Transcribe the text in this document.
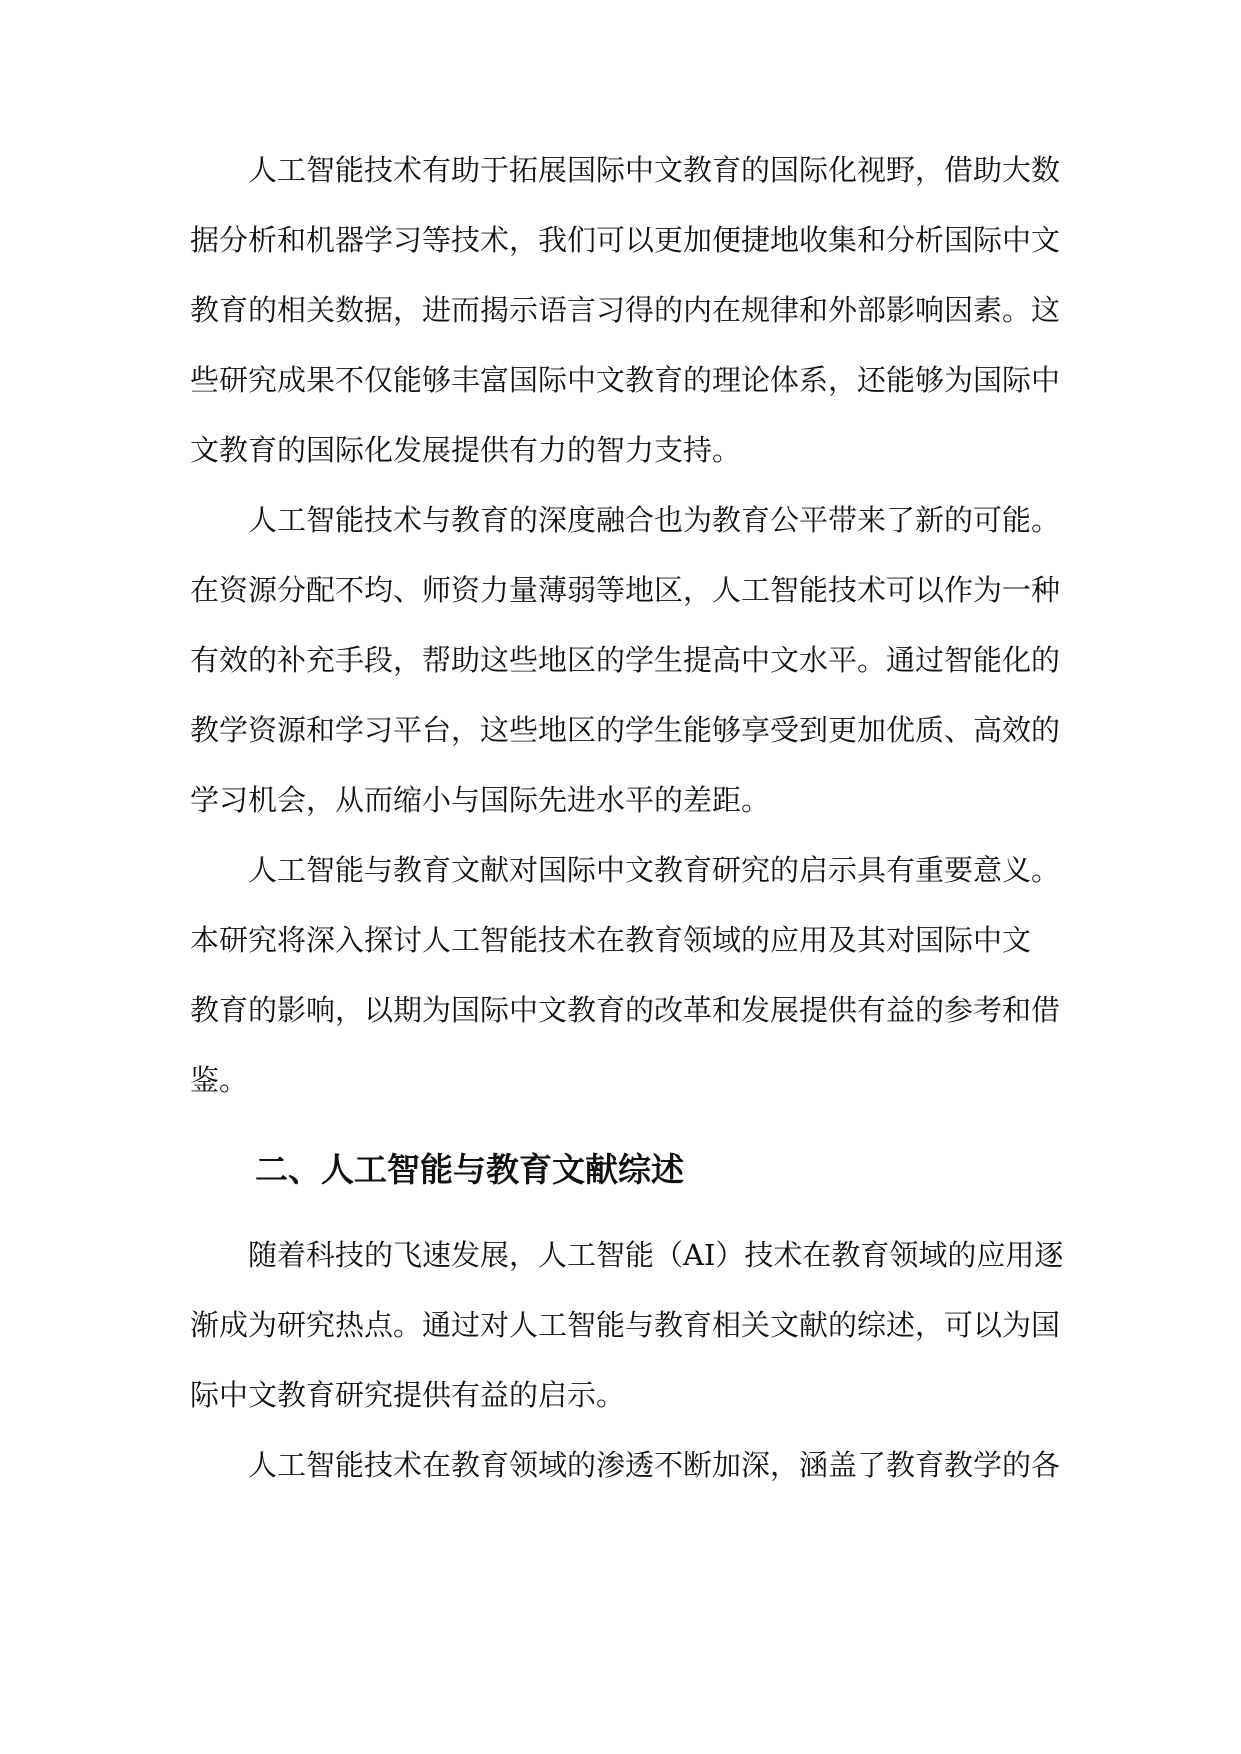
人工智能技术有助于拓展国际中文教育的国际化视野，借助大数

据分析和机器学习等技术，我们可以更加便捷地收集和分析国际中文

教育的相关数据，进而揭示语言习得的内在规律和外部影响因素。这

些研究成果不仅能够丰富国际中文教育的理论体系，还能够为国际中

文教育的国际化发展提供有力的智力支持。

人工智能技术与教育的深度融合也为教育公平带来了新的可能。

在资源分配不均、师资力量薄弱等地区，人工智能技术可以作为一种

有效的补充手段，帮助这些地区的学生提高中文水平。通过智能化的

教学资源和学习平台，这些地区的学生能够享受到更加优质、高效的

学习机会，从而缩小与国际先进水平的差距。

人工智能与教育文献对国际中文教育研究的启示具有重要意义。

本研究将深入探讨人工智能技术在教育领域的应用及其对国际中文

教育的影响，以期为国际中文教育的改革和发展提供有益的参考和借

鉴。

二、人工智能与教育文献综述

随着科技的飞速发展，人工智能（AI）技术在教育领域的应用逐

渐成为研究热点。通过对人工智能与教育相关文献的综述，可以为国

际中文教育研究提供有益的启示。

人工智能技术在教育领域的渗透不断加深，涵盖了教育教学的各
